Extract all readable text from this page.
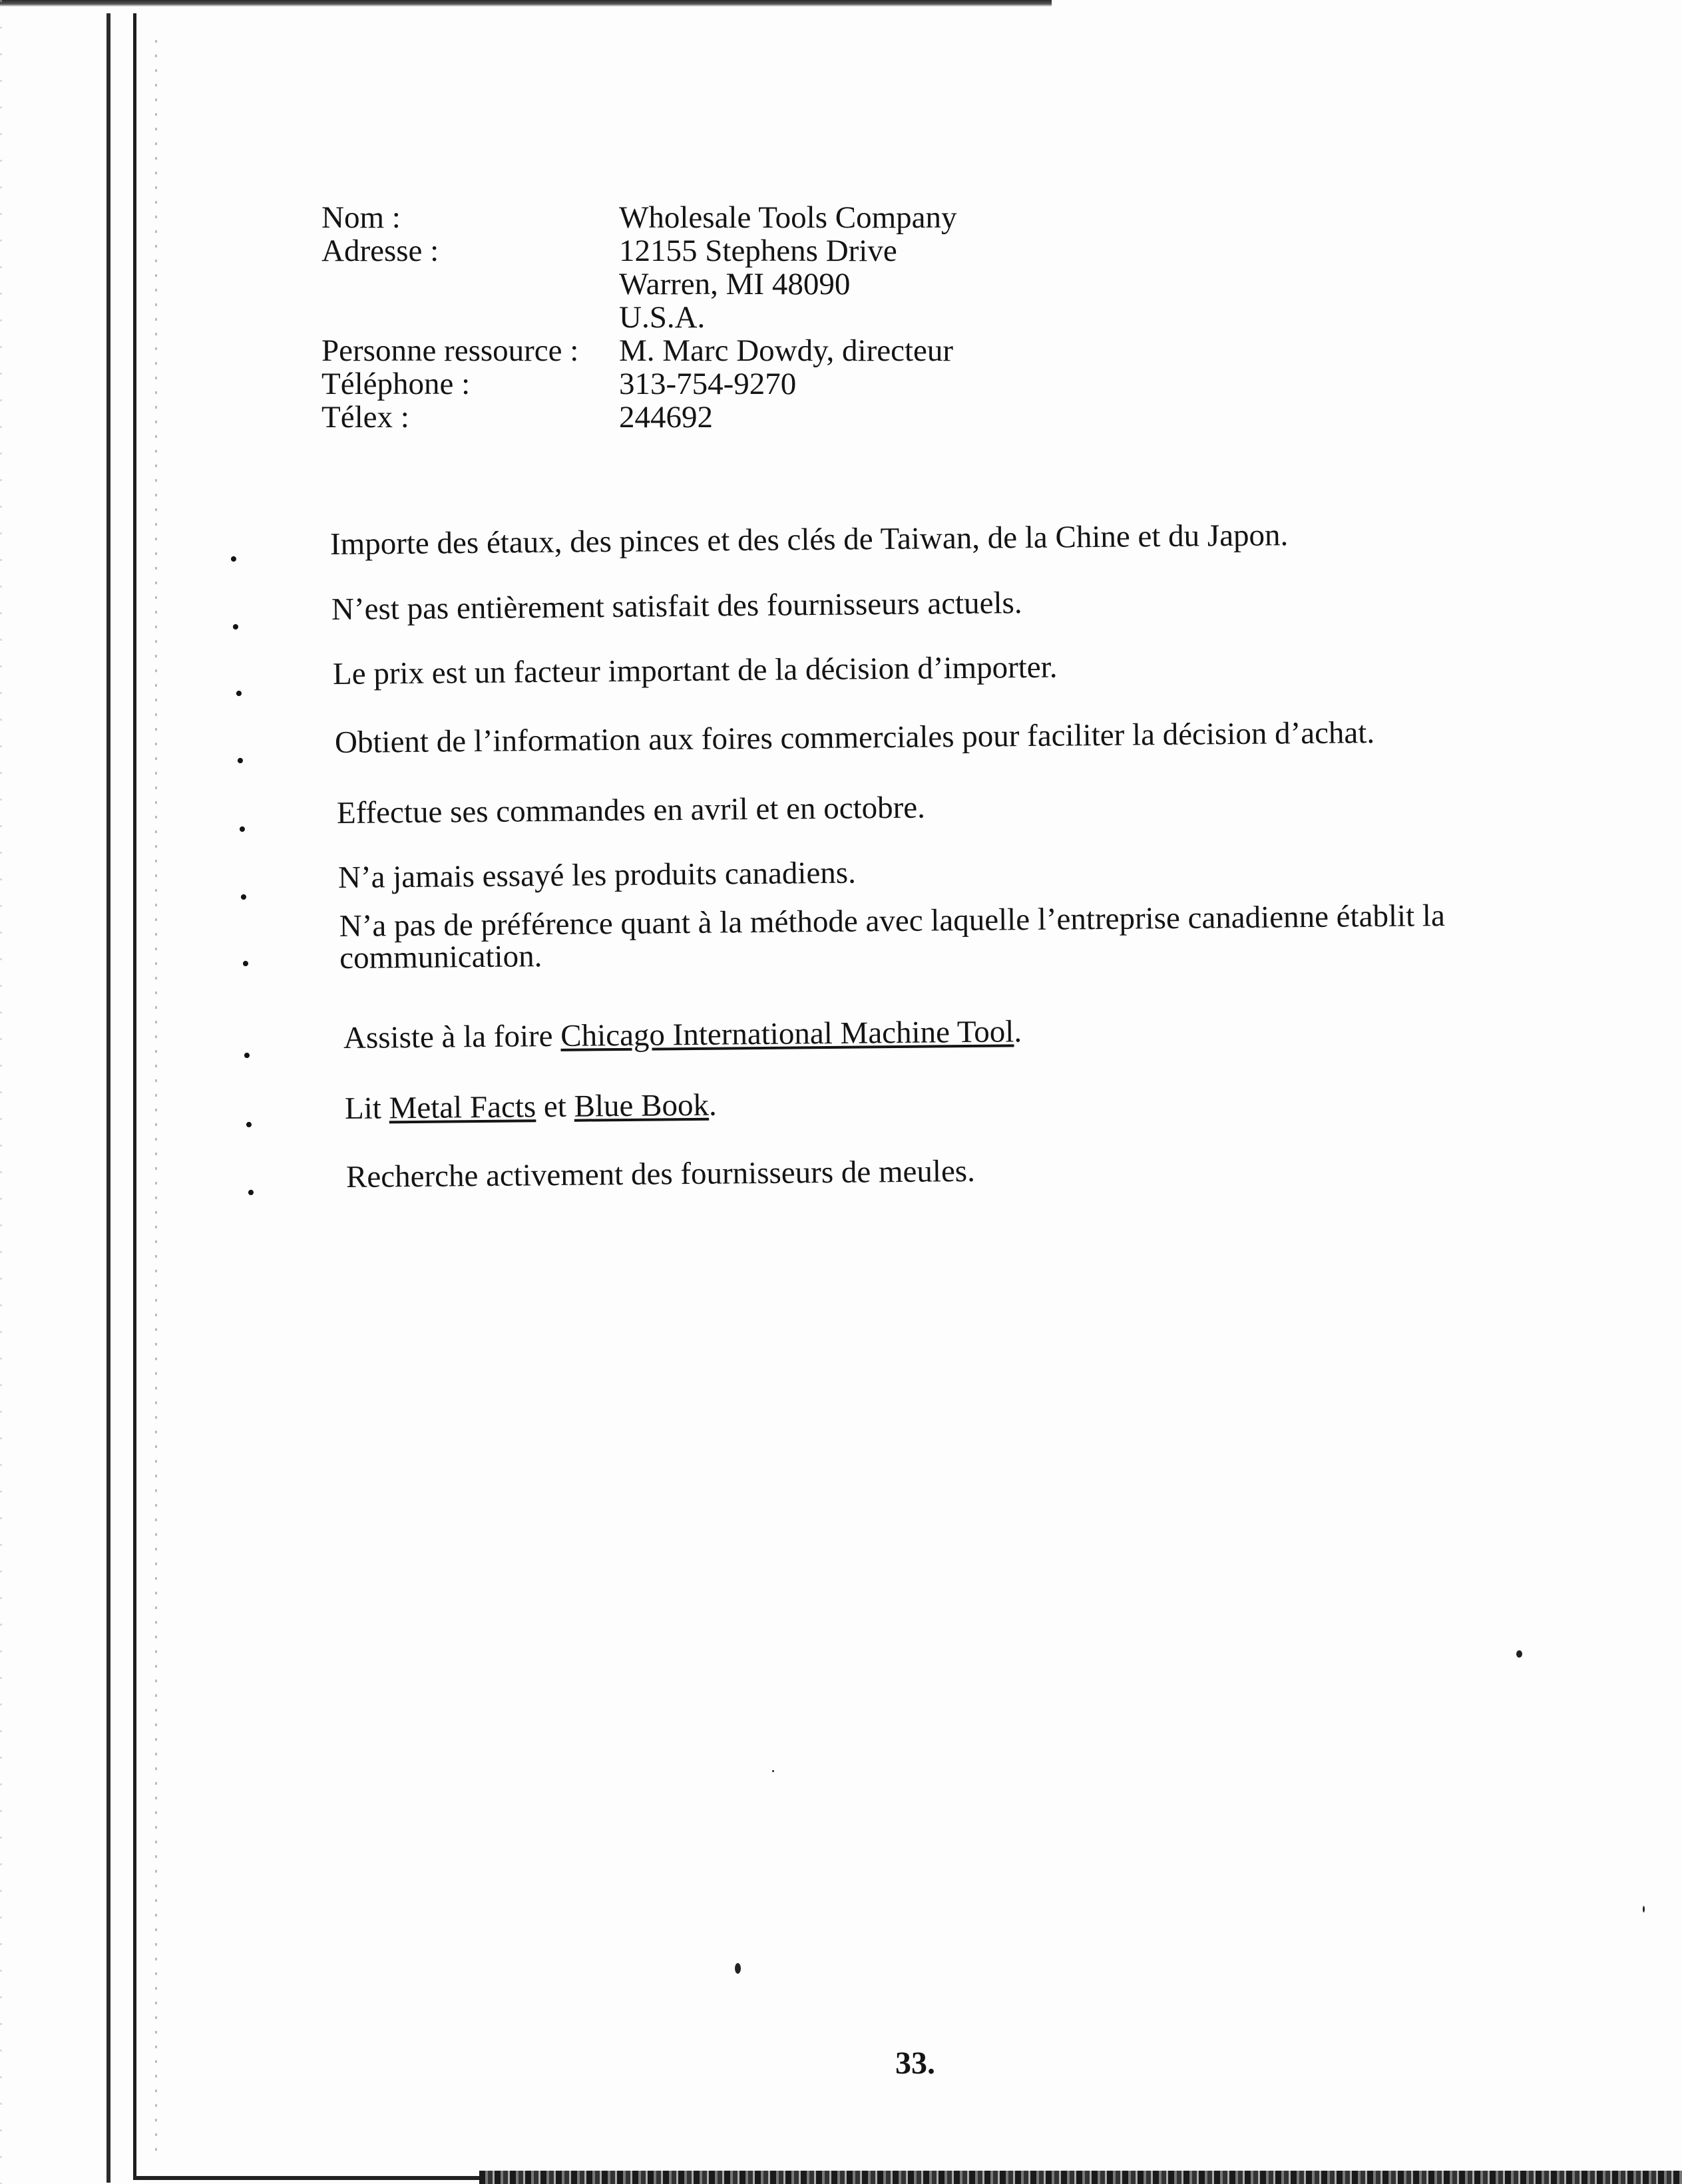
Nom :	Wholesale Tools Company
Adresse :	12155 Stephens Drive
Warren, MI 48090
U.S.A.
Personne ressource : M. Marc Dowdy, directeur
Téléphone :	313-754-9270
Télex :	244692
•	Importe des étaux, des pinces et des clés de Taiwan, de la Chine et du Japon.
•
N’est pas entièrement satisfait des fournisseurs actuels.
•
Le prix est un facteur important de la décision d’importer.
•
Obtient de l’information aux foires commerciales pour faciliter la décision d’achat.
•	Effectue ses commandes en avril et en octobre.
•
N’a jamais essayé les produits canadiens.
•
N’a pas de préférence quant à la méthode avec laquelle l’entreprise canadienne établit la
communication.
•
Assiste à la foire Chicago International Machine Tool.
•	Lit Metal Facts et Blue Book.
•	Recherche activement des fournisseurs de meules.
33.
